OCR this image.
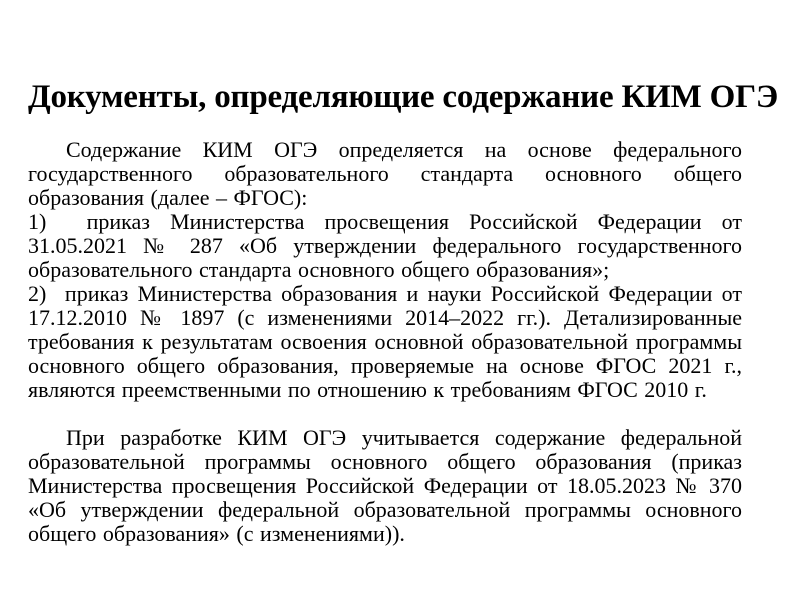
Документы, определяющие содержание КИМ ОГЭ

Содержание КИМ ОГЭ определяется на основе федерального государственного образовательного стандарта основного общего образования (далее – ФГОС):

1)  приказ Министерства просвещения Российской Федерации от 31.05.2021 № 287 «Об утверждении федерального государственного образовательного стандарта основного общего образования»;

2)  приказ Министерства образования и науки Российской Федерации от 17.12.2010 № 1897 (с изменениями 2014–2022 гг.). Детализированные требования к результатам освоения основной образовательной программы основного общего образования, проверяемые на основе ФГОС 2021 г., являются преемственными по отношению к требованиям ФГОС 2010 г.

При разработке КИМ ОГЭ учитывается содержание федеральной образовательной программы основного общего образования (приказ Министерства просвещения Российской Федерации от 18.05.2023 № 370 «Об утверждении федеральной образовательной программы основного общего образования» (с изменениями)).
